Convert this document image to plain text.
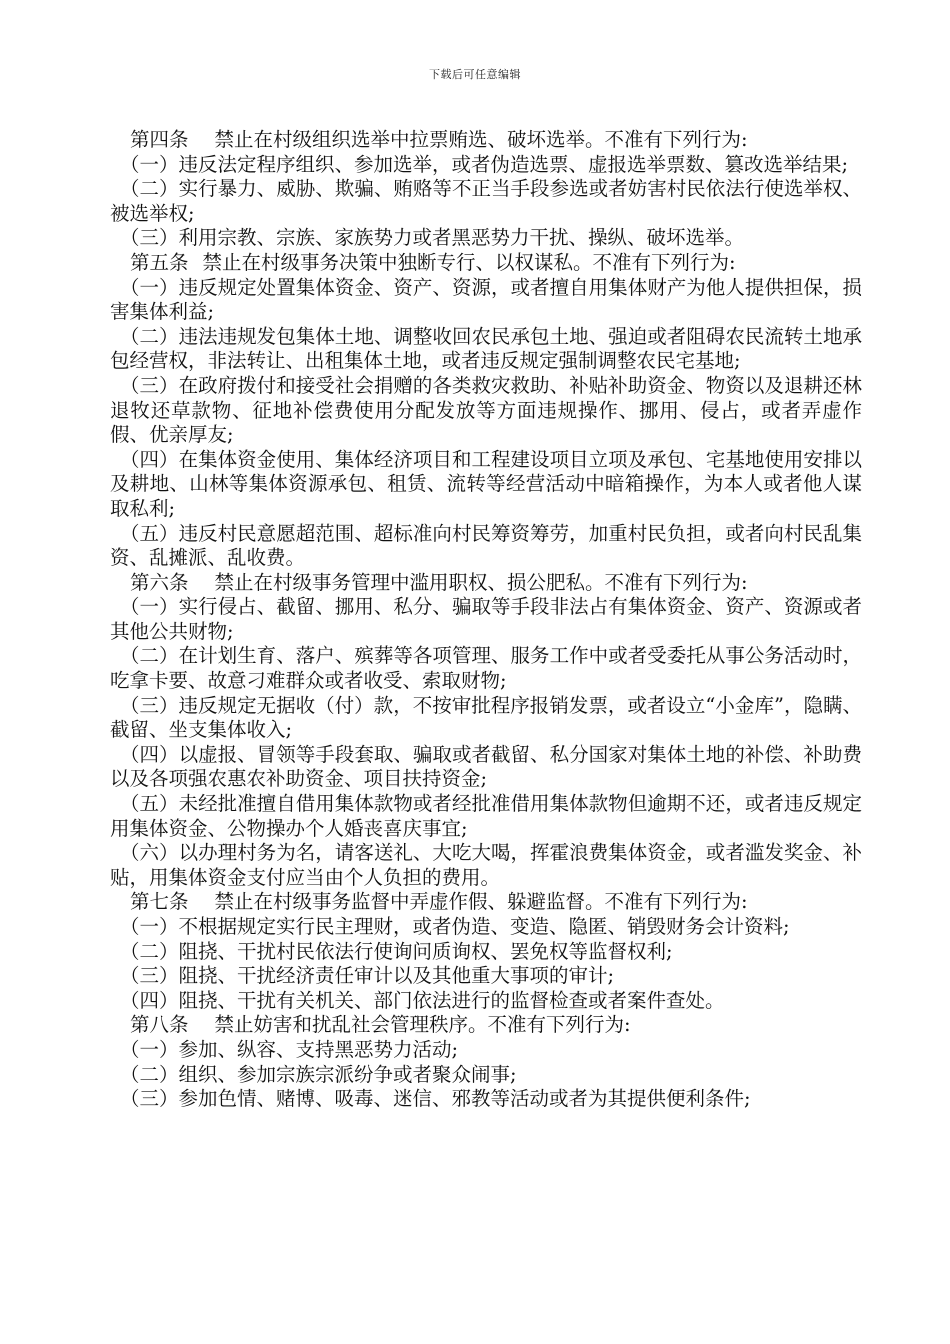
下载后可任意编辑

第四条 禁止在村级组织选举中拉票贿选、破坏选举。不准有下列行为:

（一）违反法定程序组织、参加选举，或者伪造选票、虚报选举票数、篡改选举结果;

（二）实行暴力、威胁、欺骗、贿赂等不正当手段参选或者妨害村民依法行使选举权、被选举权;

（三）利用宗教、宗族、家族势力或者黑恶势力干扰、操纵、破坏选举。

第五条 禁止在村级事务决策中独断专行、以权谋私。不准有下列行为:

（一）违反规定处置集体资金、资产、资源，或者擅自用集体财产为他人提供担保，损害集体利益;

（二）违法违规发包集体土地、调整收回农民承包土地、强迫或者阻碍农民流转土地承包经营权，非法转让、出租集体土地，或者违反规定强制调整农民宅基地;

（三）在政府拨付和接受社会捐赠的各类救灾救助、补贴补助资金、物资以及退耕还林退牧还草款物、征地补偿费使用分配发放等方面违规操作、挪用、侵占，或者弄虚作假、优亲厚友;

（四）在集体资金使用、集体经济项目和工程建设项目立项及承包、宅基地使用安排以及耕地、山林等集体资源承包、租赁、流转等经营活动中暗箱操作，为本人或者他人谋取私利;

（五）违反村民意愿超范围、超标准向村民筹资筹劳，加重村民负担，或者向村民乱集资、乱摊派、乱收费。

第六条 禁止在村级事务管理中滥用职权、损公肥私。不准有下列行为:

（一）实行侵占、截留、挪用、私分、骗取等手段非法占有集体资金、资产、资源或者其他公共财物;

（二）在计划生育、落户、殡葬等各项管理、服务工作中或者受委托从事公务活动时，吃拿卡要、故意刁难群众或者收受、索取财物;

（三）违反规定无据收（付）款，不按审批程序报销发票，或者设立“小金库”，隐瞒、截留、坐支集体收入;

（四）以虚报、冒领等手段套取、骗取或者截留、私分国家对集体土地的补偿、补助费以及各项强农惠农补助资金、项目扶持资金;

（五）未经批准擅自借用集体款物或者经批准借用集体款物但逾期不还，或者违反规定用集体资金、公物操办个人婚丧喜庆事宜;

（六）以办理村务为名，请客送礼、大吃大喝，挥霍浪费集体资金，或者滥发奖金、补贴，用集体资金支付应当由个人负担的费用。

第七条 禁止在村级事务监督中弄虚作假、躲避监督。不准有下列行为:

（一）不根据规定实行民主理财，或者伪造、变造、隐匿、销毁财务会计资料;

（二）阻挠、干扰村民依法行使询问质询权、罢免权等监督权利;

（三）阻挠、干扰经济责任审计以及其他重大事项的审计;

（四）阻挠、干扰有关机关、部门依法进行的监督检查或者案件查处。

第八条 禁止妨害和扰乱社会管理秩序。不准有下列行为:

（一）参加、纵容、支持黑恶势力活动;

（二）组织、参加宗族宗派纷争或者聚众闹事;

（三）参加色情、赌博、吸毒、迷信、邪教等活动或者为其提供便利条件;
